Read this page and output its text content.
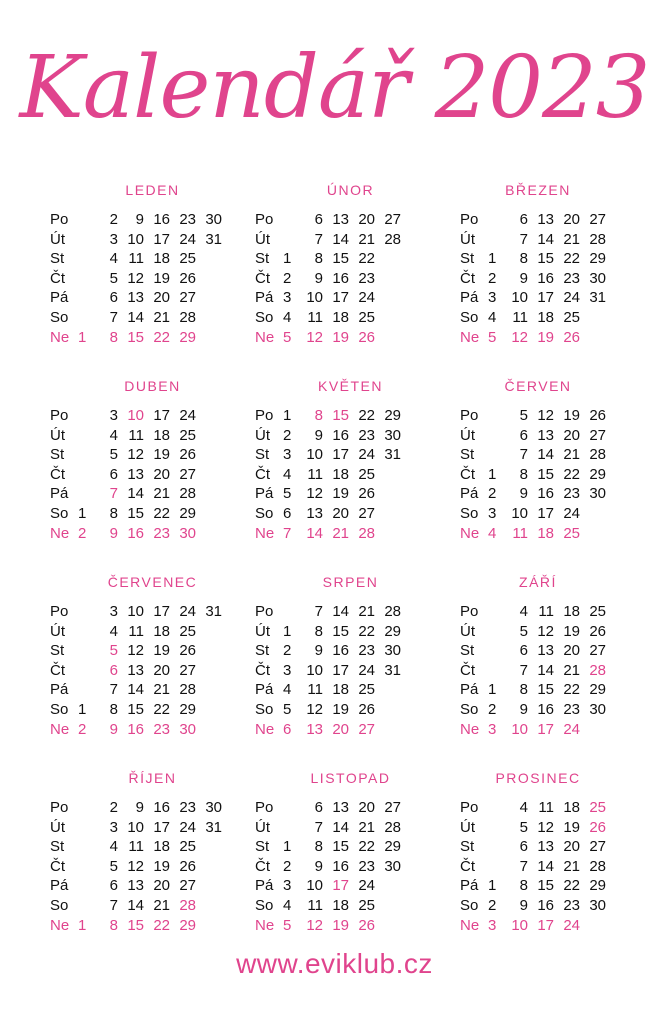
Kalendář 2023
LEDEN
Po	2	9 16 23 30
Út	3 10 17 24 31
St	4 11 18 25
Čt	5 12 19 26
Pá	6 13 20 27
So	7 14 21 28
Ne 1	8 15 22 29
ÚNOR
Po	6 13 20 27
Út	7 14 21 28
St 1	8 15 22
Čt 2	9 16 23
Pá 3 10 17 24
So 4	11 18 25
Ne 5 12 19 26
BŘEZEN
Po	6 13 20 27
Út	7 14 21 28
St 1	8 15 22 29
Čt 2	9 16 23 30
Pá 3 10 17 24 31
So 4	11 18 25
Ne 5 12 19 26
DUBEN
Po	3 10 17 24
Út	4 11 18 25
St	5 12 19 26
Čt	6 13 20 27
Pá	7 14 21 28
So 1	8 15 22 29
Ne 2	9 16 23 30
KVĚTEN
Po 1	8 15 22 29
Út 2	9 16 23 30
St 3 10 17 24 31
Čt 4	11 18 25
Pá 5 12 19 26
So 6 13 20 27
Ne 7 14 21 28
ČERVEN
Po	5 12 19 26
Út	6 13 20 27
St	7 14 21 28
Čt 1	8 15 22 29
Pá 2	9 16 23 30
So 3 10 17 24
Ne 4	11 18 25
ČERVENEC
Po	3 10 17 24 31
Út	4 11 18 25
St	5 12 19 26
Čt	6 13 20 27
Pá	7 14 21 28
So 1	8 15 22 29
Ne 2	9 16 23 30
SRPEN
Po	7 14 21 28
Út 1	8 15 22 29
St 2	9 16 23 30
Čt 3 10 17 24 31
Pá 4	11 18 25
So 5 12 19 26
Ne 6 13 20 27
ZÁŘÍ
Po	4 11 18 25
Út	5 12 19 26
St	6 13 20 27
Čt	7 14 21 28
Pá 1	8 15 22 29
So 2	9 16 23 30
Ne 3 10 17 24
ŘÍJEN
Po	2	9 16 23 30
Út	3 10 17 24 31
St	4 11 18 25
Čt	5 12 19 26
Pá	6 13 20 27
So	7 14 21 28
Ne 1	8 15 22 29
LISTOPAD
Po	6 13 20 27
Út	7 14 21 28
St 1	8 15 22 29
Čt 2	9 16 23 30
Pá 3 10 17 24
So 4	11 18 25
Ne 5 12 19 26
PROSINEC
Po	4 11 18 25
Út	5 12 19 26
St	6 13 20 27
Čt	7 14 21 28
Pá 1	8 15 22 29
So 2	9 16 23 30
Ne 3 10 17 24
www.eviklub.cz
